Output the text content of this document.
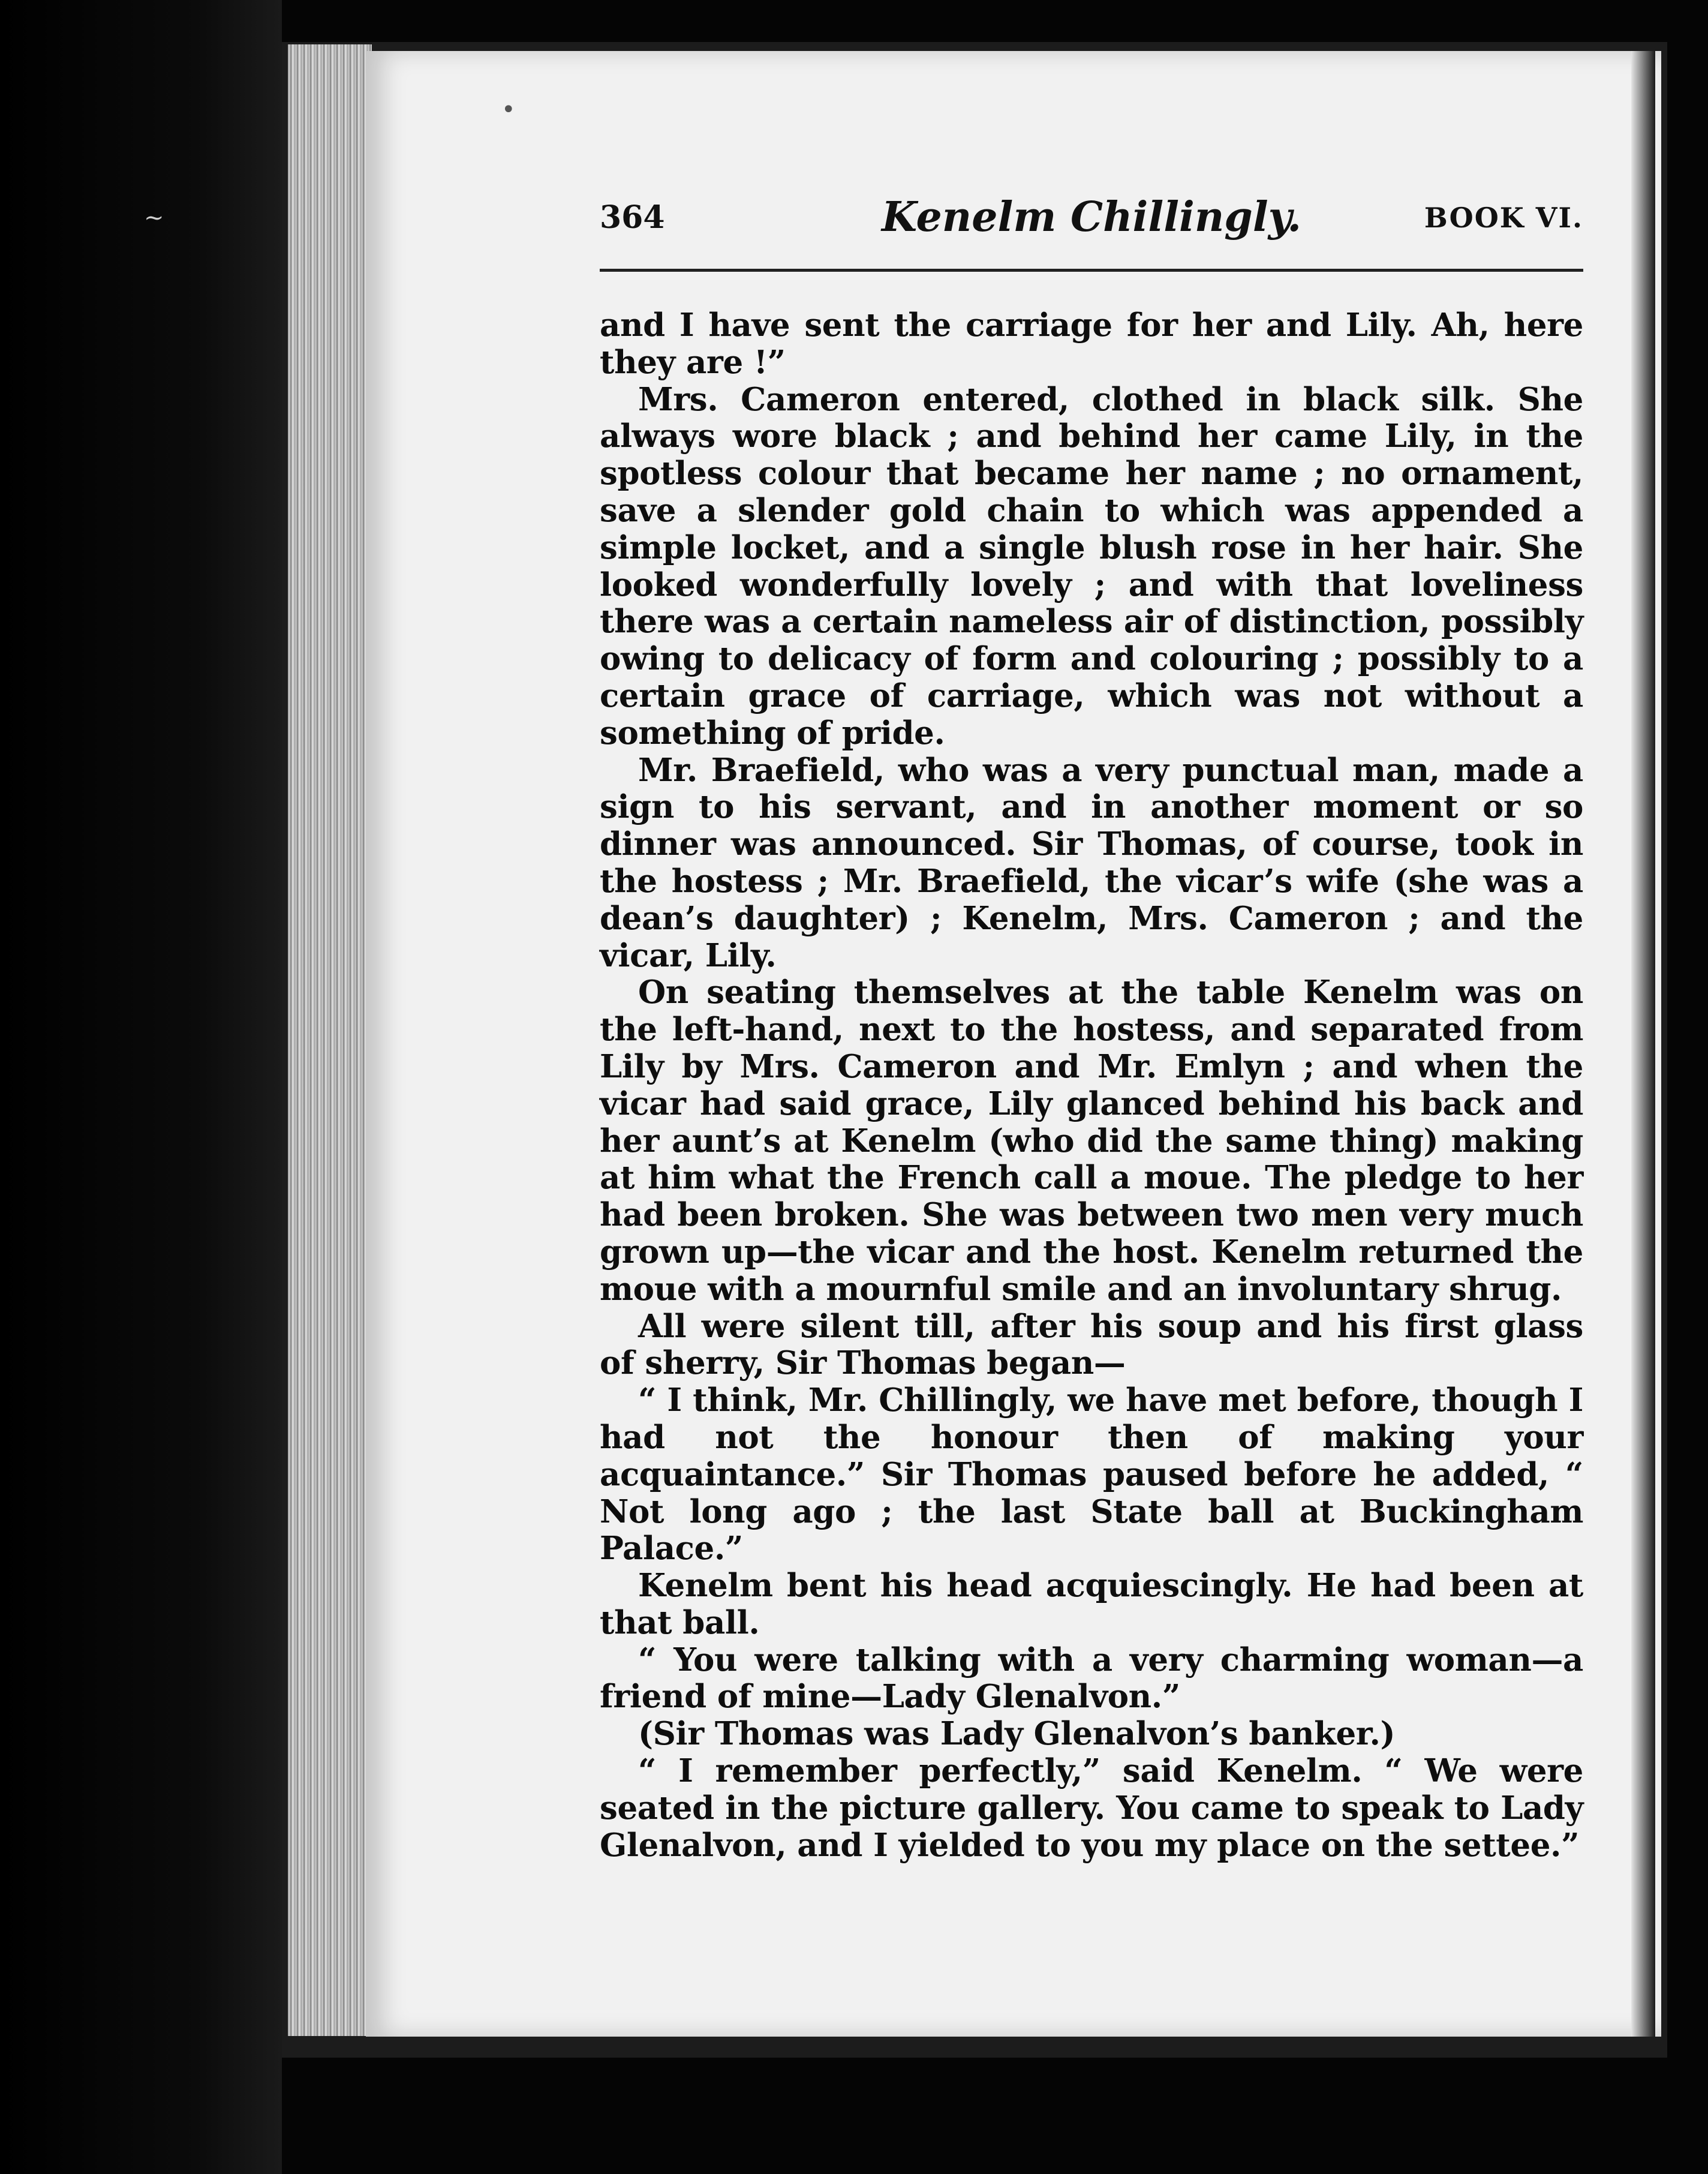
~
•
364	Kenelm Chillingly.	BOOK VI.

and I have sent the carriage for her and Lily. Ah, here they are !”

Mrs. Cameron entered, clothed in black silk. She always wore black ; and behind her came Lily, in the spotless colour that became her name ; no ornament, save a slender gold chain to which was appended a simple locket, and a single blush rose in her hair. She looked wonderfully lovely ; and with that loveliness there was a certain nameless air of distinction, possibly owing to delicacy of form and colouring ; possibly to a certain grace of carriage, which was not without a something of pride.

Mr. Braefield, who was a very punctual man, made a sign to his servant, and in another moment or so dinner was announced. Sir Thomas, of course, took in the hostess ; Mr. Braefield, the vicar’s wife (she was a dean’s daughter) ; Kenelm, Mrs. Cameron ; and the vicar, Lily.

On seating themselves at the table Kenelm was on the left-hand, next to the hostess, and separated from Lily by Mrs. Cameron and Mr. Emlyn ; and when the vicar had said grace, Lily glanced behind his back and her aunt’s at Kenelm (who did the same thing) making at him what the French call a moue. The pledge to her had been broken. She was between two men very much grown up—the vicar and the host. Kenelm returned the moue with a mournful smile and an involuntary shrug.

All were silent till, after his soup and his first glass of sherry, Sir Thomas began—

“ I think, Mr. Chillingly, we have met before, though I had not the honour then of making your acquaintance.” Sir Thomas paused before he added, “ Not long ago ; the last State ball at Buckingham Palace.”

Kenelm bent his head acquiescingly. He had been at that ball.

“ You were talking with a very charming woman—a friend of mine—Lady Glenalvon.”

(Sir Thomas was Lady Glenalvon’s banker.)

“ I remember perfectly,” said Kenelm. “ We were seated in the picture gallery. You came to speak to Lady Glenalvon, and I yielded to you my place on the settee.”
